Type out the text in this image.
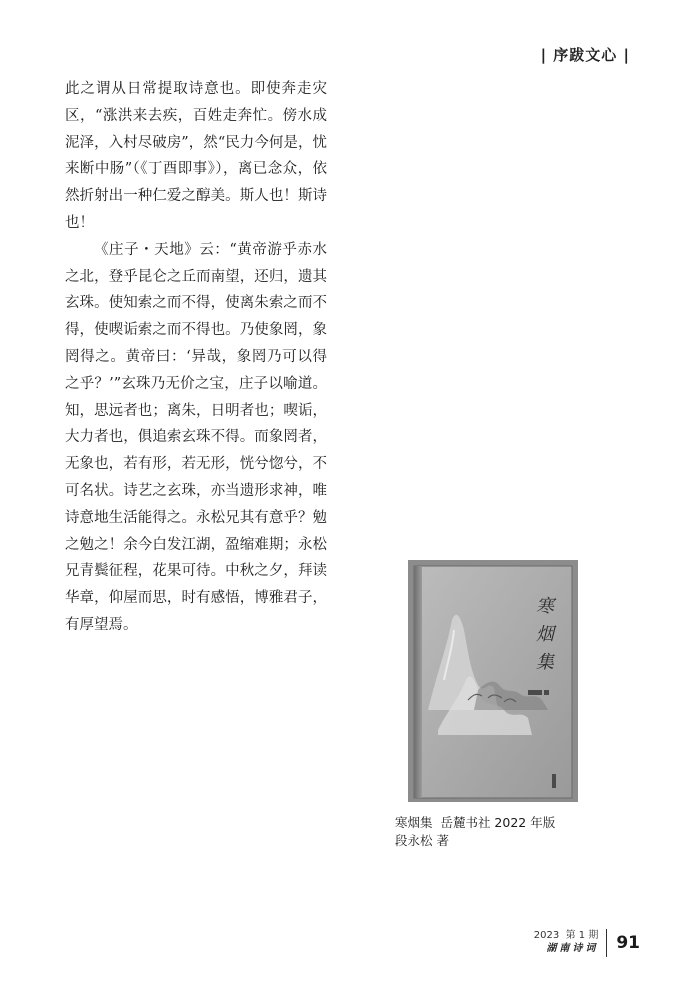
| 序跋文心 |

此之谓从日常提取诗意也。即使奔走灾区，“涨洪来去疾，百姓走奔忙。傍水成泥泽，入村尽破房”，然“民力今何是，忧来断中肠”（《丁酉即事》），离已念众，依然折射出一种仁爱之醇美。斯人也！斯诗也！

《庄子・天地》云：“黄帝游乎赤水之北，登乎昆仑之丘而南望，还归，遗其玄珠。使知索之而不得，使离朱索之而不得，使喫诟索之而不得也。乃使象罔，象罔得之。黄帝曰：‘异哉，象罔乃可以得之乎？’”玄珠乃无价之宝，庄子以喻道。知，思远者也；离朱，日明者也；喫诟，大力者也，俱追索玄珠不得。而象罔者，无象也，若有形，若无形，恍兮惚兮，不可名状。诗艺之玄珠，亦当遗形求神，唯诗意地生活能得之。永松兄其有意乎？勉之勉之！余今白发江湖，盈缩难期；永松兄青鬓征程，花果可待。中秋之夕，拜读华章，仰屋而思，时有感悟，博雅君子，有厚望焉。

寒
烟
集
寒烟集  岳麓书社 2022 年版
段永松 著
2023  第 1 期
湖南诗词 91
